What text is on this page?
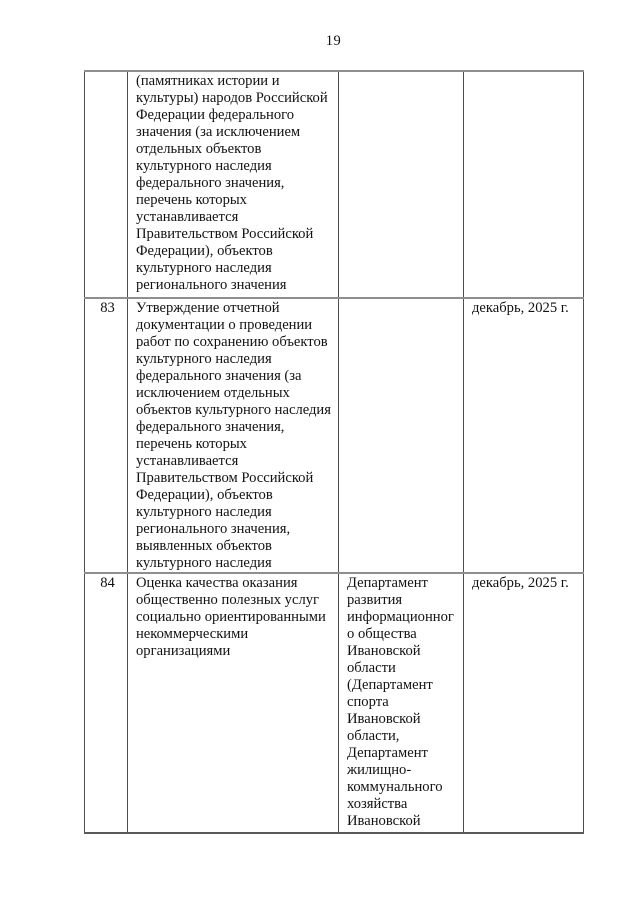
19
	(памятниках истории и культуры) народов Российской Федерации федерального значения (за исключением отдельных объектов культурного наследия федерального значения, перечень которых устанавливается Правительством Российской Федерации), объектов культурного наследия регионального значения		
83	Утверждение отчетной документации о проведении работ по сохранению объектов культурного наследия федерального значения (за исключением отдельных объектов культурного наследия федерального значения, перечень которых устанавливается Правительством Российской Федерации), объектов культурного наследия регионального значения, выявленных объектов культурного наследия		декабрь, 2025 г.
84	Оценка качества оказания общественно полезных услуг социально ориентированными некоммерческими организациями	Департамент развития информационного общества Ивановской области (Департамент спорта Ивановской области, Департамент жилищно-коммунального хозяйства Ивановской	декабрь, 2025 г.
